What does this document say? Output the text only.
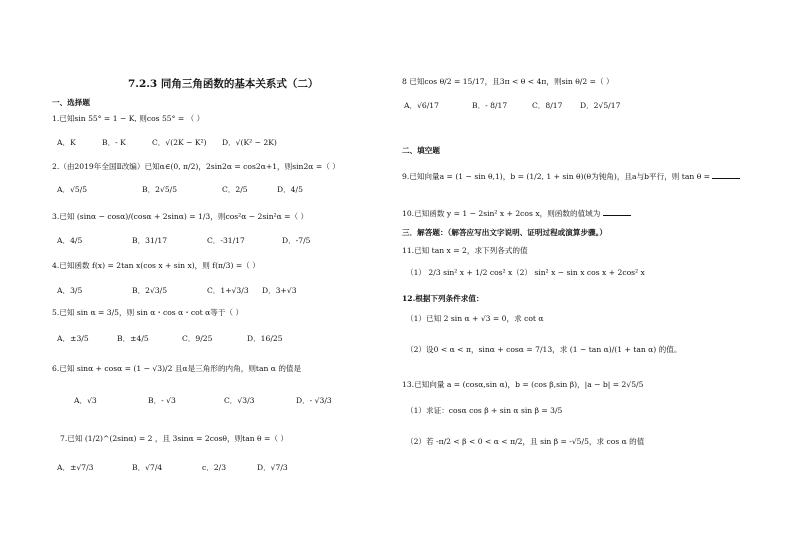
7.2.3 同角三角函数的基本关系式（二）
一、选择题
1.已知sin 55° = 1 − K, 则cos 55° = （ ）
A．K	B．- K	C．√(2K − K²) D．√(K² − 2K)
2.（由2019年全国Ⅱ改编）已知α∈(0, π/2)，2sin2α = cos2α+1，则sin2α =（ ）
A．√5/5	B．2√5/5	C．2/5	D．4/5
3.已知 (sinα − cosα)/(cosα + 2sinα) = 1/3，则cos²α − 2sin²α =（ ）
A．4/5	B．31/17	C．-31/17	D．-7/5
4.已知函数 f(x) = 2tan x(cos x + sin x)，则 f(π/3) =（ ）
A．3/5	B．2√3/5	C．1+√3/3 D．3+√3
5.已知 sin α = 3/5，则 sin α・cos α・cot α等于（ ）
A．±3/5	B．±4/5	C．9/25	D．16/25
6.已知 sinα + cosα = (1 − √3)/2 且α是三角形的内角，则tan α 的值是
A．√3	B．- √3	C．√3/3	D．- √3/3
7.已知 (1/2)^(2sinα) = 2 ，且 3sinα = 2cosθ，则tan θ =（ ）
A．±√7/3	B．√7/4	c．2/3	D．√7/3
8 已知cos θ/2 = 15/17，且3π < θ < 4π，则sin θ/2 =（ ）
A．√6/17	B．- 8/17	C．8/17 D．2√5/17
二、填空题
9.已知向量a = (1 − sin θ,1)，b = (1/2, 1 + sin θ)(θ为钝角)，且a与b平行，则 tan θ =
10.已知函数 y = 1 − 2sin² x + 2cos x，则函数的值域为
三．解答题：（解答应写出文字说明、证明过程或演算步骤。）
11.已知 tan x = 2，求下列各式的值
（1） 2/3 sin² x + 1/2 cos² x （2） sin² x − sin x cos x + 2cos² x
12.根据下列条件求值：
（1）已知 2 sin α + √3 = 0，求 cot α
（2）设0 < α < π，sinα + cosα = 7/13，求 (1 − tan α)/(1 + tan α) 的值。
13.已知向量 a = (cosα,sin α)，b = (cos β,sin β)，|a − b| = 2√5/5
（1）求证：cosα cos β + sin α sin β = 3/5
（2）若 -π/2 < β < 0 < α < π/2，且 sin β = -√5/5，求 cos α 的值
